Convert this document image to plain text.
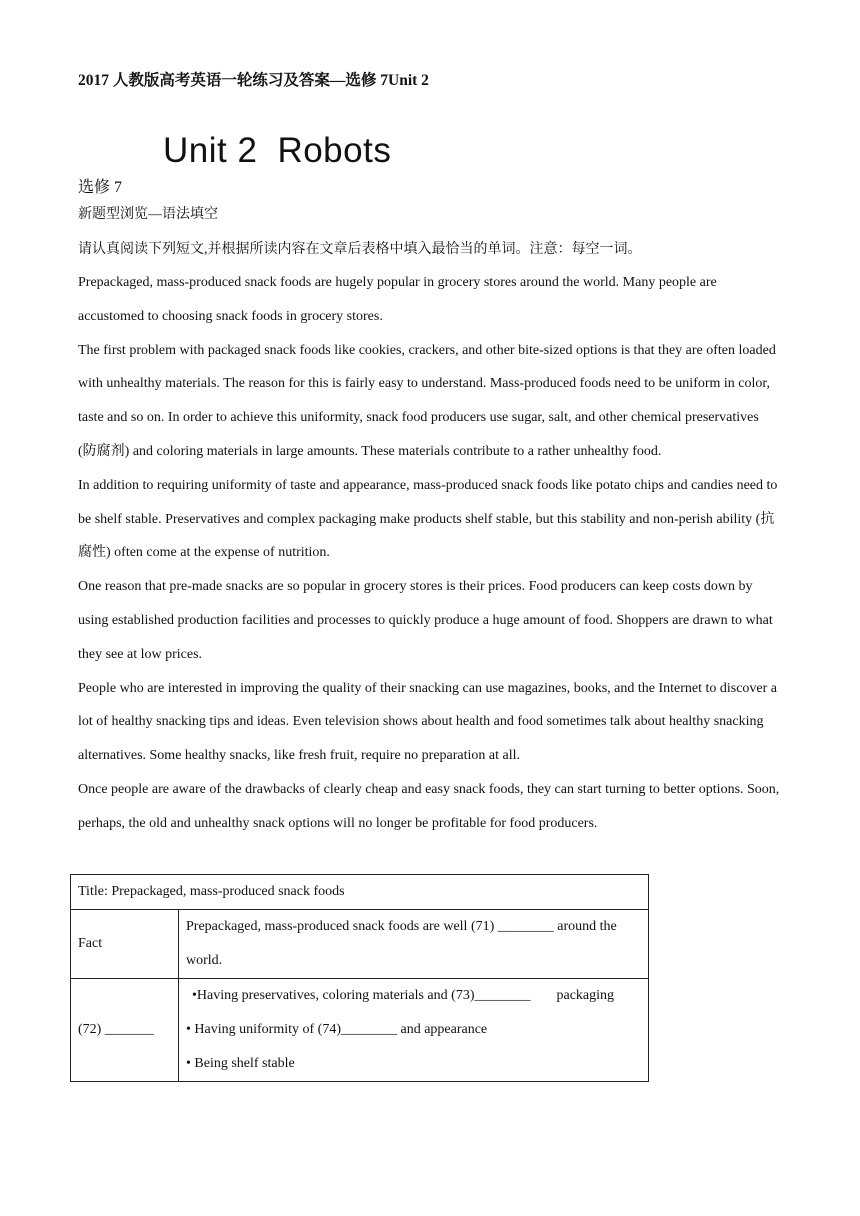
2017 人教版高考英语一轮练习及答案—选修 7Unit 2
Unit 2 Robots
选修 7
新题型浏览—语法填空
请认真阅读下列短文,并根据所读内容在文章后表格中填入最恰当的单词。注意：每空一词。

Prepackaged, mass-produced snack foods are hugely popular in grocery stores around the world. Many people are accustomed to choosing snack foods in grocery stores.

The first problem with packaged snack foods like cookies, crackers, and other bite-sized options is that they are often loaded with unhealthy materials. The reason for this is fairly easy to understand. Mass-produced foods need to be uniform in color, taste and so on. In order to achieve this uniformity, snack food producers use sugar, salt, and other chemical preservatives (防腐剂) and coloring materials in large amounts. These materials contribute to a rather unhealthy food.

In addition to requiring uniformity of taste and appearance, mass-produced snack foods like potato chips and candies need to be shelf stable. Preservatives and complex packaging make products shelf stable, but this stability and non-perish ability (抗腐性) often come at the expense of nutrition.

One reason that pre-made snacks are so popular in grocery stores is their prices. Food producers can keep costs down by using established production facilities and processes to quickly produce a huge amount of food. Shoppers are drawn to what they see at low prices.

People who are interested in improving the quality of their snacking can use magazines, books, and the Internet to discover a lot of healthy snacking tips and ideas. Even television shows about health and food sometimes talk about healthy snacking alternatives. Some healthy snacks, like fresh fruit, require no preparation at all.

Once people are aware of the drawbacks of clearly cheap and easy snack foods, they can start turning to better options. Soon, perhaps, the old and unhealthy snack options will no longer be profitable for food producers.

Title: Prepackaged, mass-produced snack foods	
Fact	Prepackaged, mass-produced snack foods are well (71) ________ around the world.
(72) _______	•Having preservatives, coloring materials and (73)________ packaging
• Having uniformity of (74)________ and appearance
• Being shelf stable
